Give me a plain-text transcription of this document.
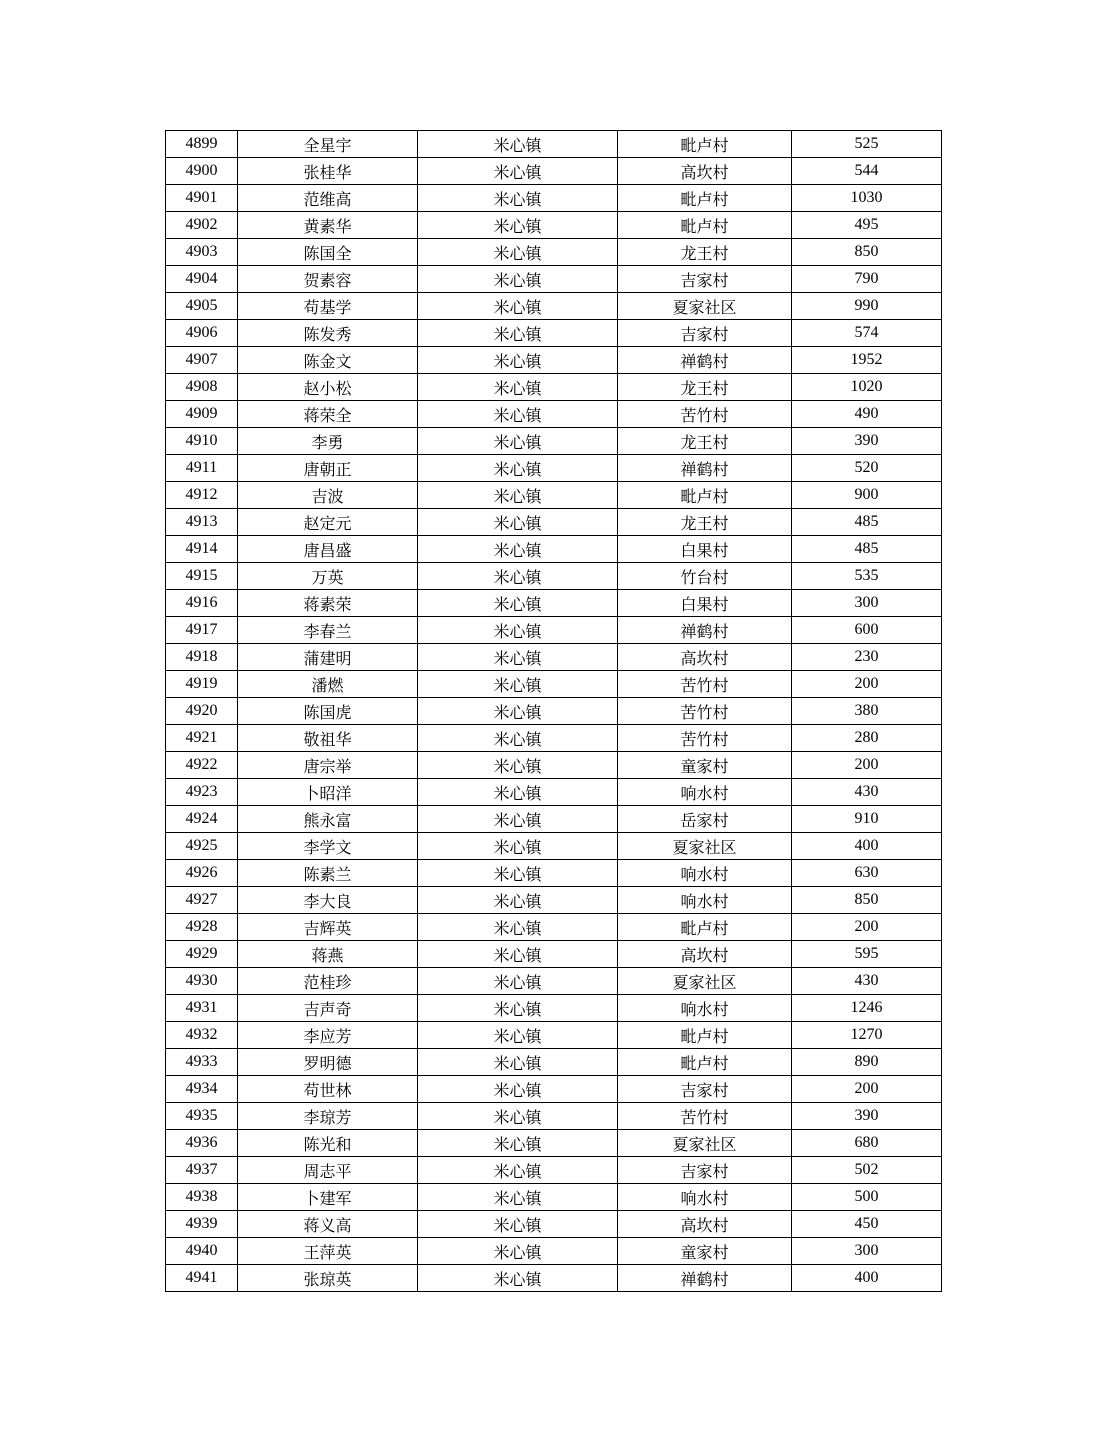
4899	全星宇	米心镇	毗卢村	525
4900	张桂华	米心镇	高坎村	544
4901	范维高	米心镇	毗卢村	1030
4902	黄素华	米心镇	毗卢村	495
4903	陈国全	米心镇	龙王村	850
4904	贺素容	米心镇	吉家村	790
4905	苟基学	米心镇	夏家社区	990
4906	陈发秀	米心镇	吉家村	574
4907	陈金文	米心镇	禅鹤村	1952
4908	赵小松	米心镇	龙王村	1020
4909	蒋荣全	米心镇	苦竹村	490
4910	李勇	米心镇	龙王村	390
4911	唐朝正	米心镇	禅鹤村	520
4912	吉波	米心镇	毗卢村	900
4913	赵定元	米心镇	龙王村	485
4914	唐昌盛	米心镇	白果村	485
4915	万英	米心镇	竹台村	535
4916	蒋素荣	米心镇	白果村	300
4917	李春兰	米心镇	禅鹤村	600
4918	蒲建明	米心镇	高坎村	230
4919	潘燃	米心镇	苦竹村	200
4920	陈国虎	米心镇	苦竹村	380
4921	敬祖华	米心镇	苦竹村	280
4922	唐宗举	米心镇	童家村	200
4923	卜昭洋	米心镇	响水村	430
4924	熊永富	米心镇	岳家村	910
4925	李学文	米心镇	夏家社区	400
4926	陈素兰	米心镇	响水村	630
4927	李大良	米心镇	响水村	850
4928	吉辉英	米心镇	毗卢村	200
4929	蒋燕	米心镇	高坎村	595
4930	范桂珍	米心镇	夏家社区	430
4931	吉声奇	米心镇	响水村	1246
4932	李应芳	米心镇	毗卢村	1270
4933	罗明德	米心镇	毗卢村	890
4934	苟世林	米心镇	吉家村	200
4935	李琼芳	米心镇	苦竹村	390
4936	陈光和	米心镇	夏家社区	680
4937	周志平	米心镇	吉家村	502
4938	卜建军	米心镇	响水村	500
4939	蒋义高	米心镇	高坎村	450
4940	王萍英	米心镇	童家村	300
4941	张琼英	米心镇	禅鹤村	400
